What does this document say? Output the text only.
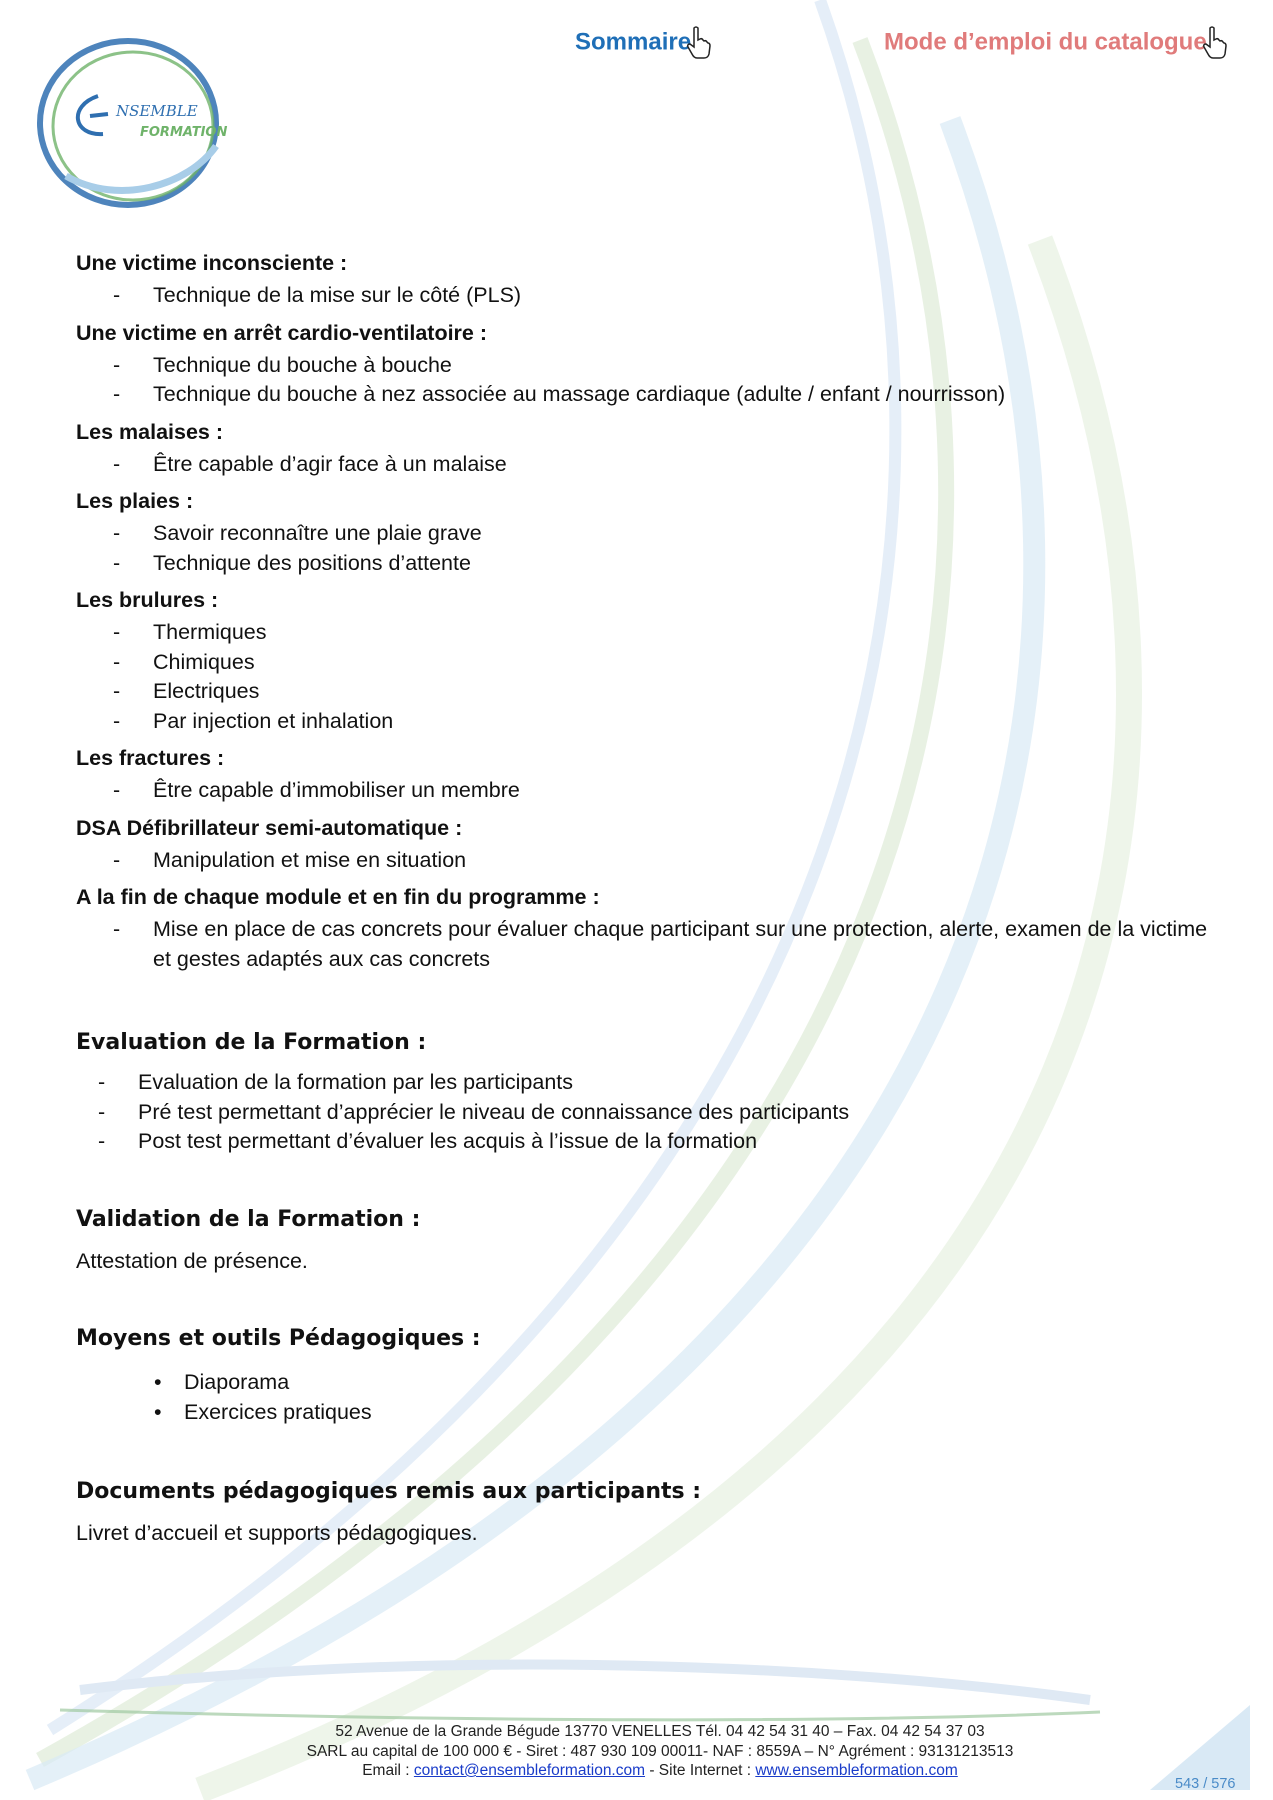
NSEMBLE
FORMATION
Sommaire	Mode d’emploi du catalogue
Une victime inconsciente :
- Technique de la mise sur le côté (PLS)
Une victime en arrêt cardio-ventilatoire :
- Technique du bouche à bouche
- Technique du bouche à nez associée au massage cardiaque (adulte / enfant / nourrisson)
Les malaises :
- Être capable d’agir face à un malaise
Les plaies :
- Savoir reconnaître une plaie grave
- Technique des positions d’attente
Les brulures :
- Thermiques
- Chimiques
- Electriques
- Par injection et inhalation
Les fractures :
- Être capable d’immobiliser un membre
DSA Défibrillateur semi-automatique :
- Manipulation et mise en situation
A la fin de chaque module et en fin du programme :
- Mise en place de cas concrets pour évaluer chaque participant sur une protection, alerte, examen de la victime et gestes adaptés aux cas concrets
Evaluation de la Formation :
- Evaluation de la formation par les participants
- Pré test permettant d’apprécier le niveau de connaissance des participants
- Post test permettant d’évaluer les acquis à l’issue de la formation
Validation de la Formation :
Attestation de présence.
Moyens et outils Pédagogiques :
• Diaporama
• Exercices pratiques
Documents pédagogiques remis aux participants :
Livret d’accueil et supports pédagogiques.
52 Avenue de la Grande Bégude 13770 VENELLES Tél. 04 42 54 31 40 – Fax. 04 42 54 37 03
SARL au capital de 100 000 € - Siret : 487 930 109 00011- NAF : 8559A – N° Agrément : 93131213513
Email : contact@ensembleformation.com - Site Internet : www.ensembleformation.com
543 / 576
